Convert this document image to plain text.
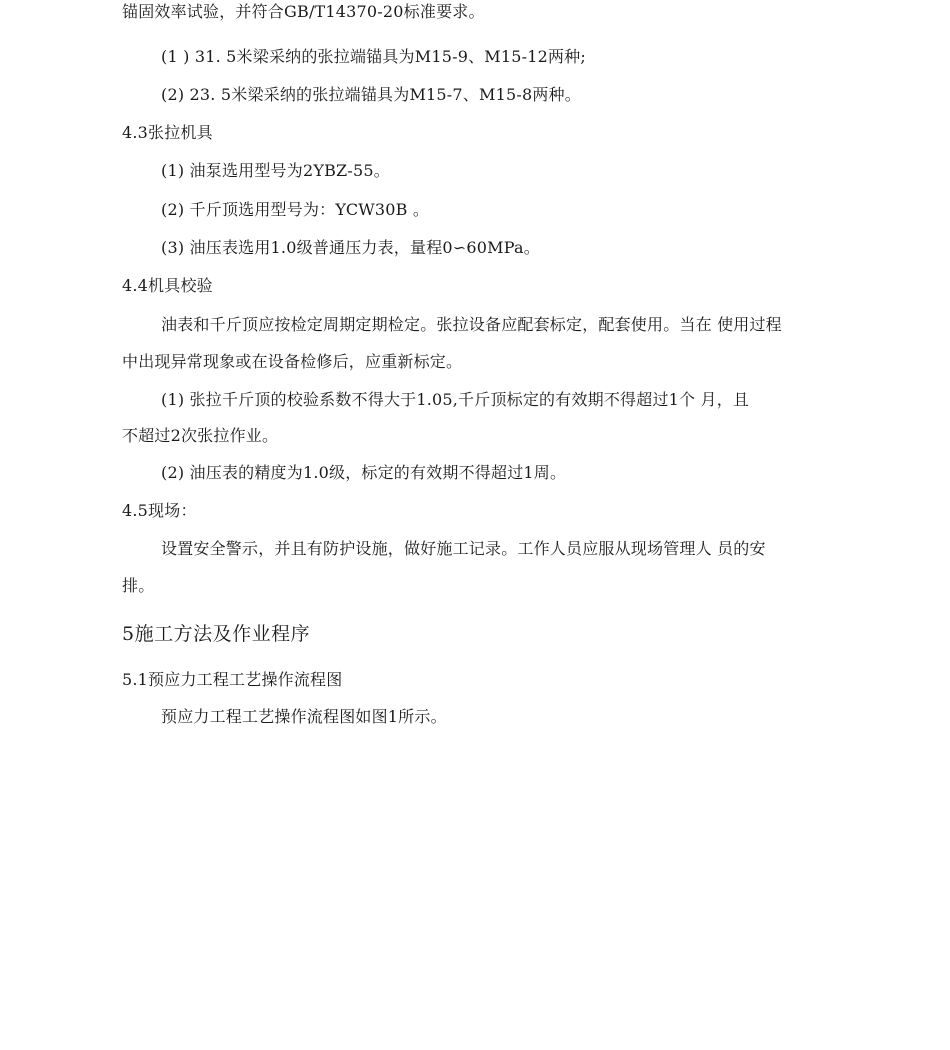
锚固效率试验，并符合GB/T14370-20标准要求。
(1 ) 31. 5米梁采纳的张拉端锚具为M15-9、M15-12两种;
(2) 23. 5米梁采纳的张拉端锚具为M15-7、M15-8两种。
4.3张拉机具
(1) 油泵选用型号为2YBZ-55。
(2) 千斤顶选用型号为：YCW30B 。
(3) 油压表选用1.0级普通压力表，量程0∽60MPa。
4.4机具校验
油表和千斤顶应按检定周期定期检定。张拉设备应配套标定，配套使用。当在 使用过程
中出现异常现象或在设备检修后，应重新标定。
(1) 张拉千斤顶的校验系数不得大于1.05,千斤顶标定的有效期不得超过1个 月，且
不超过2次张拉作业。
(2) 油压表的精度为1.0级，标定的有效期不得超过1周。
4.5现场：
设置安全警示，并且有防护设施，做好施工记录。工作人员应服从现场管理人 员的安
排。
5施工方法及作业程序
5.1预应力工程工艺操作流程图
预应力工程工艺操作流程图如图1所示。
